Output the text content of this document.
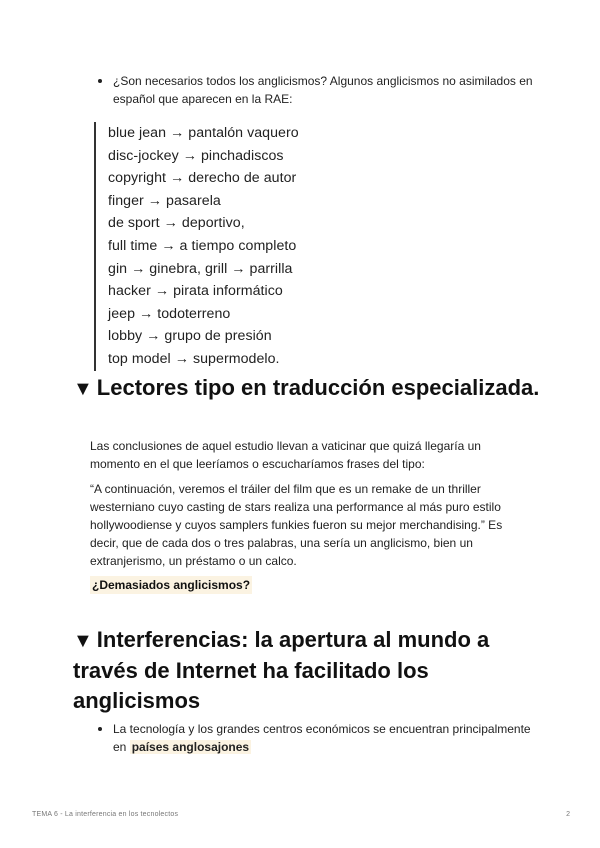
¿Son necesarios todos los anglicismos? Algunos anglicismos no asimilados en español que aparecen en la RAE:
blue jean → pantalón vaquero
disc-jockey → pinchadiscos
copyright → derecho de autor
finger → pasarela
de sport → deportivo,
full time → a tiempo completo
gin → ginebra, grill → parrilla
hacker → pirata informático
jeep → todoterreno
lobby → grupo de presión
top model → supermodelo.
▼ Lectores tipo en traducción especializada.

Las conclusiones de aquel estudio llevan a vaticinar que quizá llegaría un momento en el que leeríamos o escucharíamos frases del tipo:

“A continuación, veremos el tráiler del film que es un remake de un thriller westerniano cuyo casting de stars realiza una performance al más puro estilo hollywoodiense y cuyos samplers funkies fueron su mejor merchandising.” Es decir, que de cada dos o tres palabras, una sería un anglicismo, bien un extranjerismo, un préstamo o un calco.

¿Demasiados anglicismos?
▼ Interferencias: la apertura al mundo a través de Internet ha facilitado los anglicismos
La tecnología y los grandes centros económicos se encuentran principalmente en países anglosajones
TEMA 6 - La interferencia en los tecnolectos	2
